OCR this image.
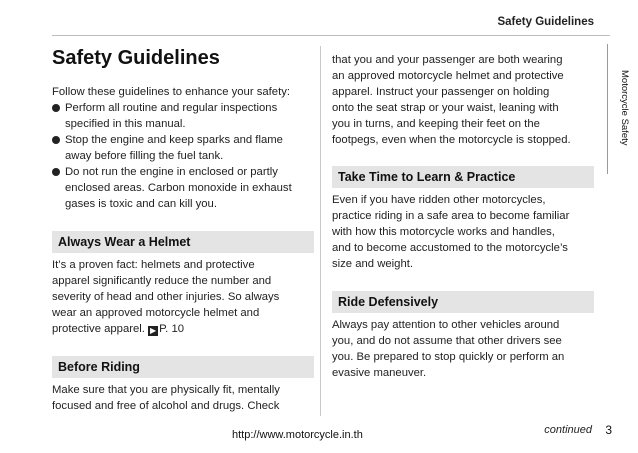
Safety Guidelines
Motorcycle Safety
Safety Guidelines

Follow these guidelines to enhance your safety:

Perform all routine and regular inspections
specified in this manual.
Stop the engine and keep sparks and flame
away before filling the fuel tank.
Do not run the engine in enclosed or partly
enclosed areas. Carbon monoxide in exhaust
gases is toxic and can kill you.
Always Wear a Helmet
It’s a proven fact: helmets and protective
apparel significantly reduce the number and
severity of head and other injuries. So always
wear an approved motorcycle helmet and
protective apparel. ▶ P. 10
Before Riding
Make sure that you are physically fit, mentally
focused and free of alcohol and drugs. Check
that you and your passenger are both wearing
an approved motorcycle helmet and protective
apparel. Instruct your passenger on holding
onto the seat strap or your waist, leaning with
you in turns, and keeping their feet on the
footpegs, even when the motorcycle is stopped.
Take Time to Learn & Practice
Even if you have ridden other motorcycles,
practice riding in a safe area to become familiar
with how this motorcycle works and handles,
and to become accustomed to the motorcycle’s
size and weight.
Ride Defensively
Always pay attention to other vehicles around
you, and do not assume that other drivers see
you. Be prepared to stop quickly or perform an
evasive maneuver.
continued 3
http://www.motorcycle.in.th
